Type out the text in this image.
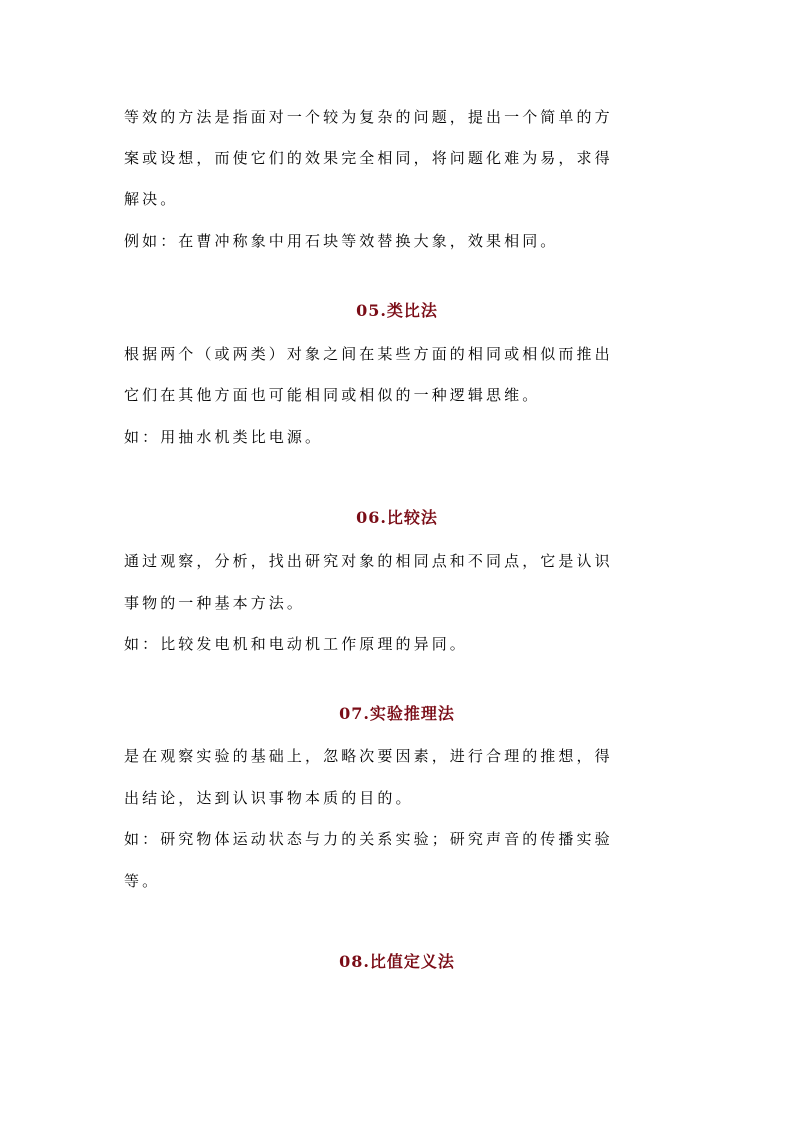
等效的方法是指面对一个较为复杂的问题，提出一个简单的方

案或设想，而使它们的效果完全相同，将问题化难为易，求得

解决。

例如：在曹冲称象中用石块等效替换大象，效果相同。

05.类比法

根据两个（或两类）对象之间在某些方面的相同或相似而推出

它们在其他方面也可能相同或相似的一种逻辑思维。

如：用抽水机类比电源。

06.比较法

通过观察，分析，找出研究对象的相同点和不同点，它是认识

事物的一种基本方法。

如：比较发电机和电动机工作原理的异同。

07.实验推理法

是在观察实验的基础上，忽略次要因素，进行合理的推想，得

出结论，达到认识事物本质的目的。

如：研究物体运动状态与力的关系实验；研究声音的传播实验

等。

08.比值定义法
